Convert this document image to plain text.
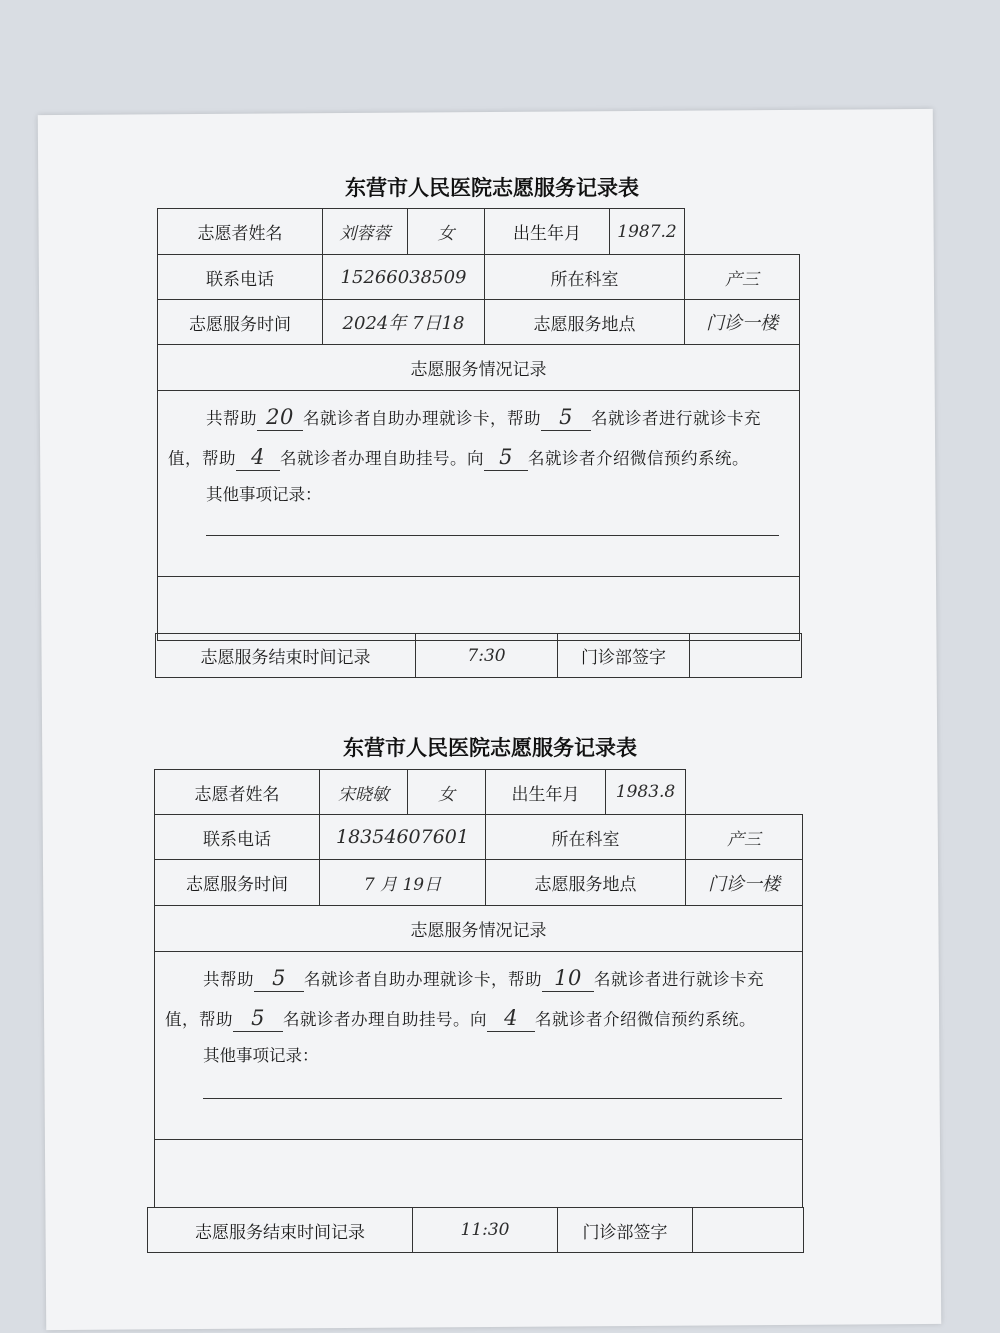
东营市人民医院志愿服务记录表
志愿者姓名	刘蓉蓉		女	出生年月	1987.2	
联系电话	15266038509		所在科室		产三
志愿服务时间	2024年 7日18		志愿服务地点		门诊一楼
志愿服务情况记录					

共帮助 20 名就诊者自助办理就诊卡，帮助 5 名就诊者进行就诊卡充值，帮助 4 名就诊者办理自助挂号。向 5 名就诊者介绍微信预约系统。
其他事项记录：					
志愿服务结束时间记录	7:30	门诊部签字	
东营市人民医院志愿服务记录表
志愿者姓名	宋晓敏		女	出生年月	1983.8	
联系电话	18354607601		所在科室		产三
志愿服务时间	7 月 19日		志愿服务地点		门诊一楼
志愿服务情况记录					

共帮助 5 名就诊者自助办理就诊卡，帮助 10 名就诊者进行就诊卡充值，帮助 5 名就诊者办理自助挂号。向 4 名就诊者介绍微信预约系统。
其他事项记录：					
志愿服务结束时间记录	11:30	门诊部签字	
